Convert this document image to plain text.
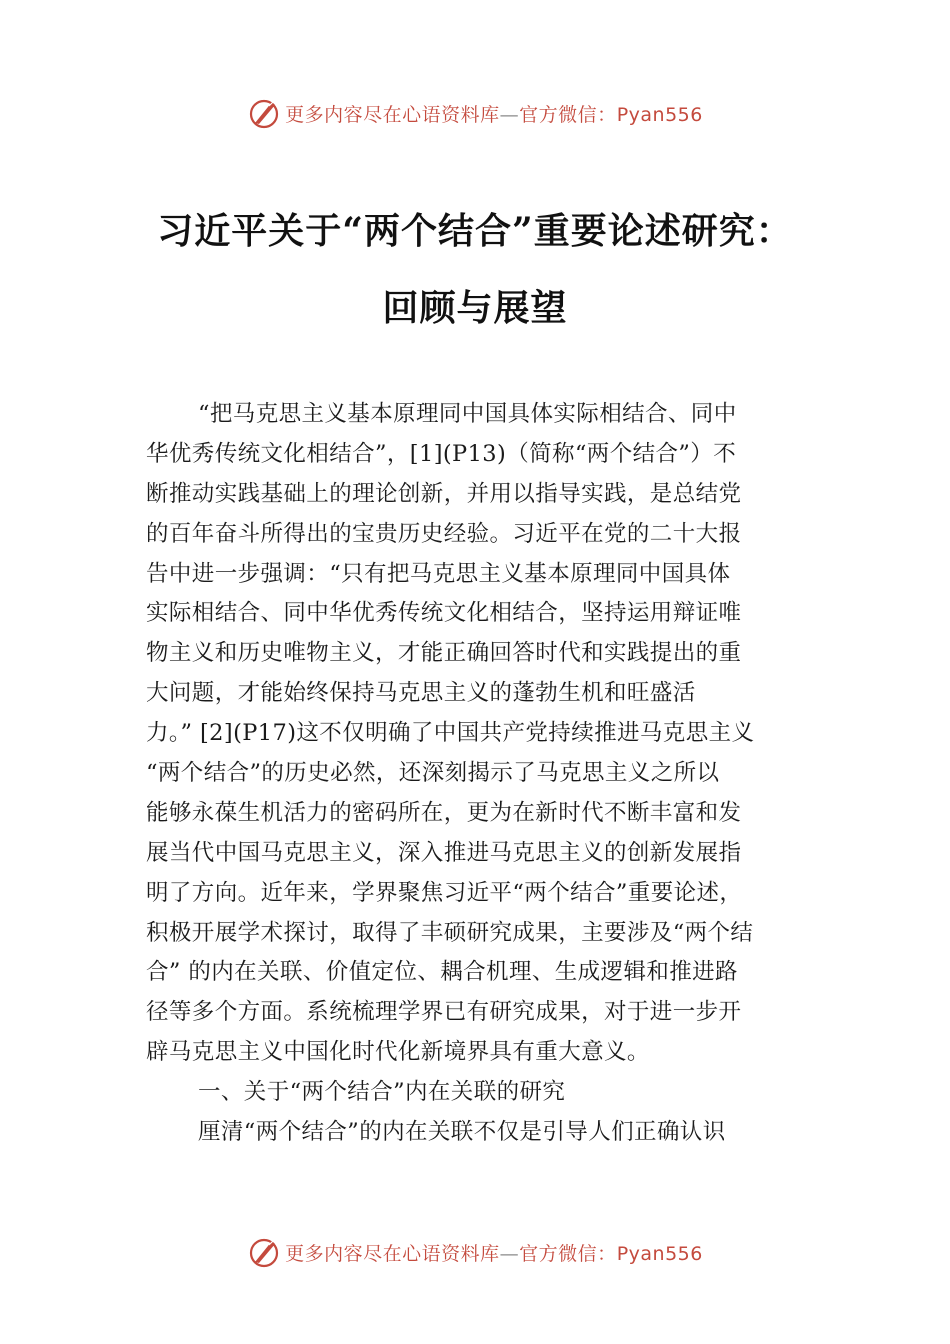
更多内容尽在心语资料库—官方微信：Pyan556
习近平关于“两个结合”重要论述研究：
回顾与展望
“把马克思主义基本原理同中国具体实际相结合、同中
华优秀传统文化相结合”，[1](P13)（简称“两个结合”）不
断推动实践基础上的理论创新，并用以指导实践，是总结党
的百年奋斗所得出的宝贵历史经验。习近平在党的二十大报
告中进一步强调：“只有把马克思主义基本原理同中国具体
实际相结合、同中华优秀传统文化相结合，坚持运用辩证唯
物主义和历史唯物主义，才能正确回答时代和实践提出的重
大问题，才能始终保持马克思主义的蓬勃生机和旺盛活
力。” [2](P17)这不仅明确了中国共产党持续推进马克思主义
“两个结合”的历史必然，还深刻揭示了马克思主义之所以
能够永葆生机活力的密码所在，更为在新时代不断丰富和发
展当代中国马克思主义，深入推进马克思主义的创新发展指
明了方向。近年来，学界聚焦习近平“两个结合”重要论述，
积极开展学术探讨，取得了丰硕研究成果，主要涉及“两个结
合” 的内在关联、价值定位、耦合机理、生成逻辑和推进路
径等多个方面。系统梳理学界已有研究成果，对于进一步开
辟马克思主义中国化时代化新境界具有重大意义。
一、关于“两个结合”内在关联的研究
厘清“两个结合”的内在关联不仅是引导人们正确认识
更多内容尽在心语资料库—官方微信：Pyan556
